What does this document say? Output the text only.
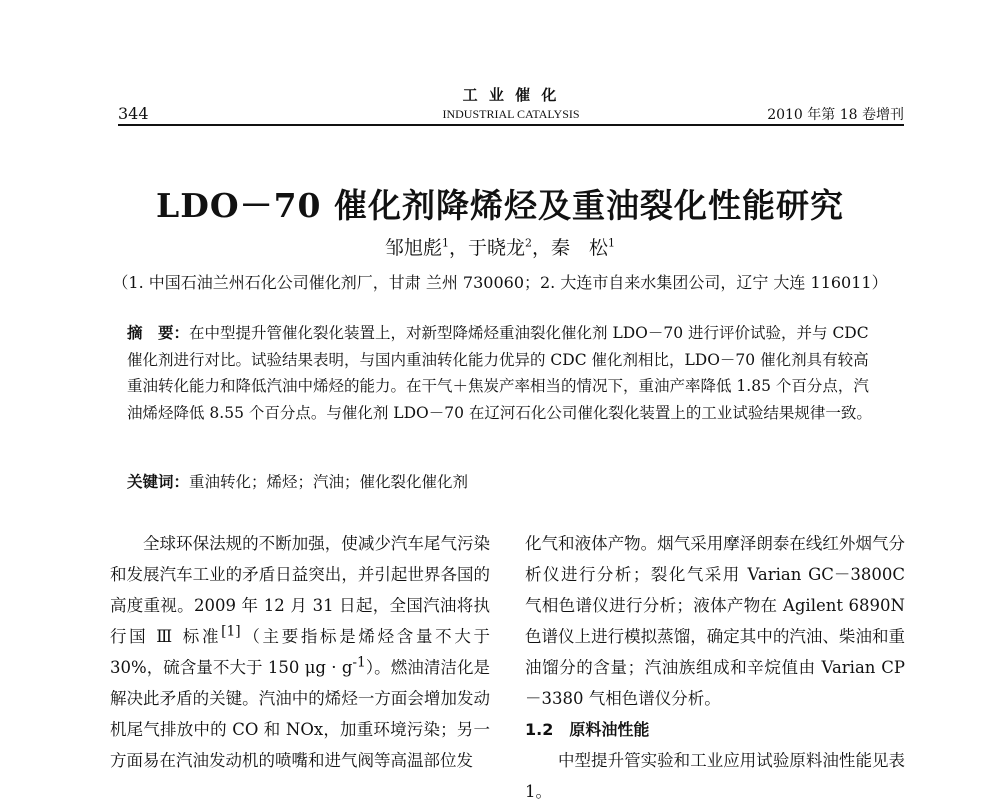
344
工 业 催 化
INDUSTRIAL CATALYSIS	2010 年第 18 卷增刊
LDO－70 催化剂降烯烃及重油裂化性能研究
邹旭彪$^1$，于晓龙$^2$，秦　松$^1$
（1. 中国石油兰州石化公司催化剂厂，甘肃 兰州 730060；2. 大连市自来水集团公司，辽宁 大连 116011）
摘　要：在中型提升管催化裂化装置上，对新型降烯烃重油裂化催化剂 LDO－70 进行评价试验，并与 CDC 催化剂进行对比。试验结果表明，与国内重油转化能力优异的 CDC 催化剂相比，LDO－70 催化剂具有较高重油转化能力和降低汽油中烯烃的能力。在干气＋焦炭产率相当的情况下，重油产率降低 1.85 个百分点，汽油烯烃降低 8.55 个百分点。与催化剂 LDO－70 在辽河石化公司催化裂化装置上的工业试验结果规律一致。
关键词：重油转化；烯烃；汽油；催化裂化催化剂

全球环保法规的不断加强，使减少汽车尾气污染和发展汽车工业的矛盾日益突出，并引起世界各国的高度重视。2009 年 12 月 31 日起，全国汽油将执行国 Ⅲ 标准[1]（主要指标是烯烃含量不大于 30%，硫含量不大于 150 $\mu g \cdot g^{-1}$）。燃油清洁化是解决此矛盾的关键。汽油中的烯烃一方面会增加发动机尾气排放中的 CO 和 NOx，加重环境污染；另一方面易在汽油发动机的喷嘴和进气阀等高温部位发

化气和液体产物。烟气采用摩泽朗泰在线红外烟气分析仪进行分析；裂化气采用 Varian GC－3800C 气相色谱仪进行分析；液体产物在 Agilent 6890N 色谱仪上进行模拟蒸馏，确定其中的汽油、柴油和重油馏分的含量；汽油族组成和辛烷值由 Varian CP－3380 气相色谱仪分析。

1.2　原料油性能

中型提升管实验和工业应用试验原料油性能见表 1。
